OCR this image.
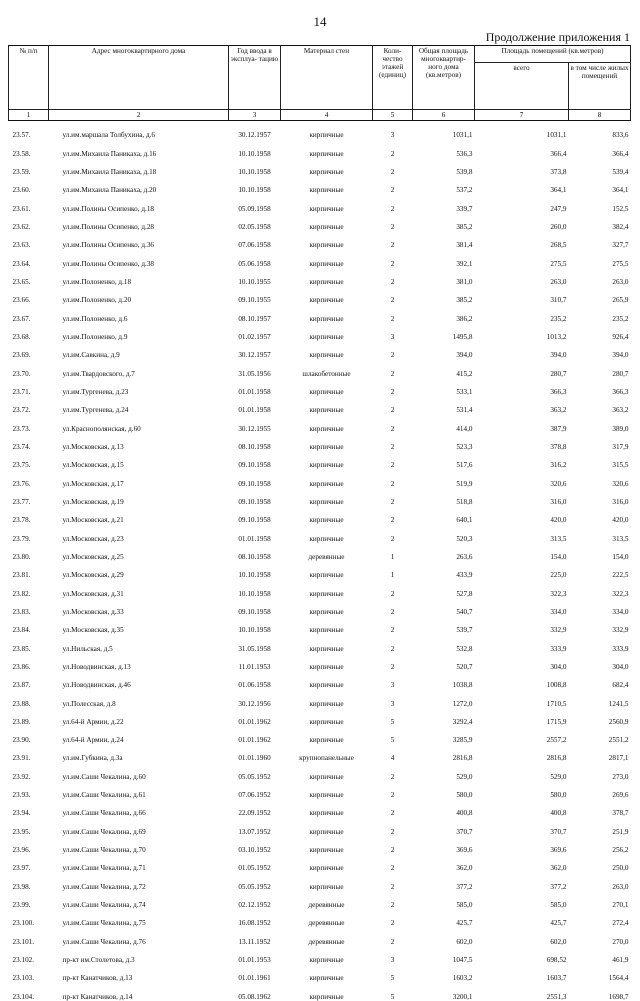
14
Продолжение приложения 1
№ п/п	Адрес многоквартирного дома	Год ввода в эксплуа- тацию	Материал стен	Коли- чество этажей (единиц)	Общая площадь многоквартир- ного дома (кв.метров)	Площадь помещений (кв.метров)	
						всего	в том числе жилых помещений
1	2	3	4	5	6	7	8
23.57.	ул.им.маршала Толбухина, д.6	30.12.1957	кирпичные	3	1031,1	1031,1	833,6
23.58.	ул.им.Михаила Паникаха, д.16	10.10.1958	кирпичные	2	536,3	366,4	366,4
23.59.	ул.им.Михаила Паникаха, д.18	10.10.1958	кирпичные	2	539,8	373,8	539,4
23.60.	ул.им.Михаила Паникаха, д.20	10.10.1958	кирпичные	2	537,2	364,1	364,1
23.61.	ул.им.Полины Осипенко, д.18	05.09.1958	кирпичные	2	339,7	247,9	152,5
23.62.	ул.им.Полины Осипенко, д.28	02.05.1958	кирпичные	2	385,2	260,0	382,4
23.63.	ул.им.Полины Осипенко, д.36	07.06.1958	кирпичные	2	381,4	268,5	327,7
23.64.	ул.им.Полины Осипенко, д.38	05.06.1958	кирпичные	2	392,1	275,5	275,5
23.65.	ул.им.Полоненко, д.18	10.10.1955	кирпичные	2	381,0	263,0	263,0
23.66.	ул.им.Полоненко, д.20	09.10.1955	кирпичные	2	385,2	310,7	265,9
23.67.	ул.им.Полоненко, д.6	08.10.1957	кирпичные	2	386,2	235,2	235,2
23.68.	ул.им.Полоненко, д.9	01.02.1957	кирпичные	3	1495,8	1013,2	926,4
23.69.	ул.им.Савкина, д.9	30.12.1957	кирпичные	2	394,0	394,0	394,0
23.70.	ул.им.Твардовского, д.7	31.05.1956	шлакобетонные	2	415,2	280,7	280,7
23.71.	ул.им.Тургенева, д.23	01.01.1958	кирпичные	2	533,1	366,3	366,3
23.72.	ул.им.Тургенева, д.24	01.01.1958	кирпичные	2	531,4	363,2	363,2
23.73.	ул.Краснополянская, д.60	30.12.1955	кирпичные	2	414,0	387,9	389,0
23.74.	ул.Московская, д.13	08.10.1958	кирпичные	2	523,3	378,8	317,9
23.75.	ул.Московская, д.15	09.10.1958	кирпичные	2	517,6	316,2	315,5
23.76.	ул.Московская, д.17	09.10.1958	кирпичные	2	519,9	320,6	320,6
23.77.	ул.Московская, д.19	09.10.1958	кирпичные	2	518,8	316,0	316,0
23.78.	ул.Московская, д.21	09.10.1958	кирпичные	2	640,1	420,0	420,0
23.79.	ул.Московская, д.23	01.01.1958	кирпичные	2	520,3	313,5	313,5
23.80.	ул.Московская, д.25	08.10.1958	деревянные	1	263,6	154,0	154,0
23.81.	ул.Московская, д.29	10.10.1958	кирпичные	1	433,9	225,0	222,5
23.82.	ул.Московская, д.31	10.10.1958	кирпичные	2	527,8	322,3	322,3
23.83.	ул.Московская, д.33	09.10.1958	кирпичные	2	540,7	334,0	334,0
23.84.	ул.Московская, д.35	10.10.1958	кирпичные	2	539,7	332,9	332,9
23.85.	ул.Нильская, д.5	31.05.1958	кирпичные	2	532,8	333,9	333,9
23.86.	ул.Новодвинская, д.13	11.01.1953	кирпичные	2	520,7	304,0	304,0
23.87.	ул.Новодвинская, д.46	01.06.1958	кирпичные	3	1038,8	1008,8	682,4
23.88.	ул.Полесская, д.8	30.12.1956	кирпичные	3	1272,0	1710,5	1241,5
23.89.	ул.64-й Армии, д.22	01.01.1962	кирпичные	5	3292,4	1715,9	2560,9
23.90.	ул.64-й Армии, д.24	01.01.1962	кирпичные	5	3285,9	2557,2	2551,2
23.91.	ул.им.Губкина, д.3а	01.01.1960	крупнопанельные	4	2816,8	2816,8	2817,1
23.92.	ул.им.Саши Чекалина, д.60	05.05.1952	кирпичные	2	529,0	529,0	273,0
23.93.	ул.им.Саши Чекалина, д.61	07.06.1952	кирпичные	2	580,0	580,0	269,6
23.94.	ул.им.Саши Чекалина, д.66	22.09.1952	кирпичные	2	400,8	400,8	378,7
23.95.	ул.им.Саши Чекалина, д.69	13.07.1952	кирпичные	2	370,7	370,7	251,9
23.96.	ул.им.Саши Чекалина, д.70	03.10.1952	кирпичные	2	369,6	369,6	256,2
23.97.	ул.им.Саши Чекалина, д.71	01.05.1952	кирпичные	2	362,0	362,0	250,0
23.98.	ул.им.Саши Чекалина, д.72	05.05.1952	кирпичные	2	377,2	377,2	263,0
23.99.	ул.им.Саши Чекалина, д.74	02.12.1952	деревянные	2	585,0	585,0	270,1
23.100.	ул.им.Саши Чекалина, д.75	16.08.1952	деревянные	2	425,7	425,7	272,4
23.101.	ул.им.Саши Чекалина, д.76	13.11.1952	деревянные	2	602,0	602,0	270,0
23.102.	пр-кт им.Столетова, д.3	01.01.1953	кирпичные	3	1047,5	698,52	461,9
23.103.	пр-кт Канатчиков, д.13	01.01.1961	кирпичные	5	1603,2	1603,7	1564,4
23.104.	пр-кт Канатчиков, д.14	05.08.1962	кирпичные	5	3200,1	2551,3	1698,7
